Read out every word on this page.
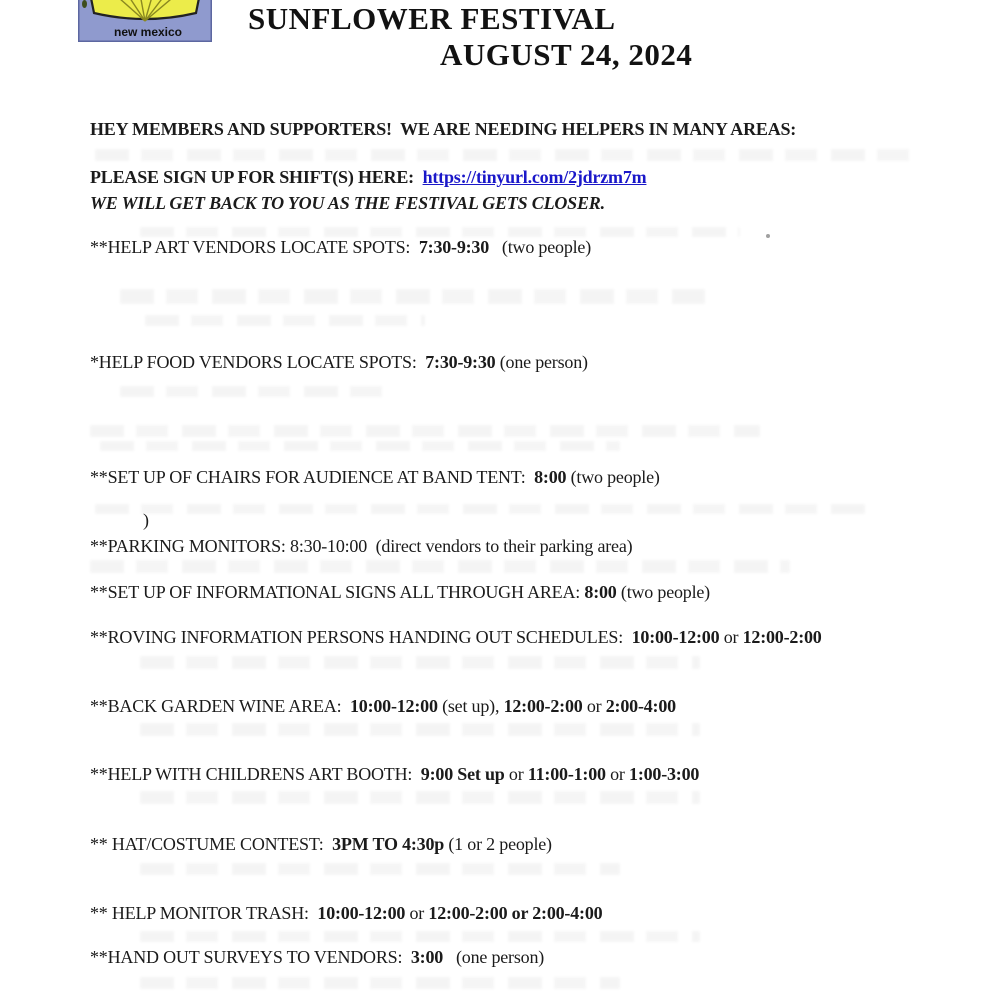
new mexico SUNFLOWER FESTIVAL
AUGUST 24, 2024

HEY MEMBERS AND SUPPORTERS!  WE ARE NEEDING HELPERS IN MANY AREAS:

PLEASE SIGN UP FOR SHIFT(S) HERE:  https://tinyurl.com/2jdrzm7m

WE WILL GET BACK TO YOU AS THE FESTIVAL GETS CLOSER.

)

**HELP ART VENDORS LOCATE SPOTS:  7:30-9:30   (two people)

*HELP FOOD VENDORS LOCATE SPOTS:  7:30-9:30 (one person)

**SET UP OF CHAIRS FOR AUDIENCE AT BAND TENT:  8:00 (two people)

**PARKING MONITORS: 8:30-10:00  (direct vendors to their parking area)

**SET UP OF INFORMATIONAL SIGNS ALL THROUGH AREA: 8:00 (two people)

**ROVING INFORMATION PERSONS HANDING OUT SCHEDULES:  10:00-12:00 or 12:00-2:00

**BACK GARDEN WINE AREA:  10:00-12:00 (set up), 12:00-2:00 or 2:00-4:00

**HELP WITH CHILDRENS ART BOOTH:  9:00 Set up or 11:00-1:00 or 1:00-3:00

** HAT/COSTUME CONTEST:  3PM TO 4:30p (1 or 2 people)

** HELP MONITOR TRASH:  10:00-12:00 or 12:00-2:00 or 2:00-4:00

**HAND OUT SURVEYS TO VENDORS:  3:00   (one person)
